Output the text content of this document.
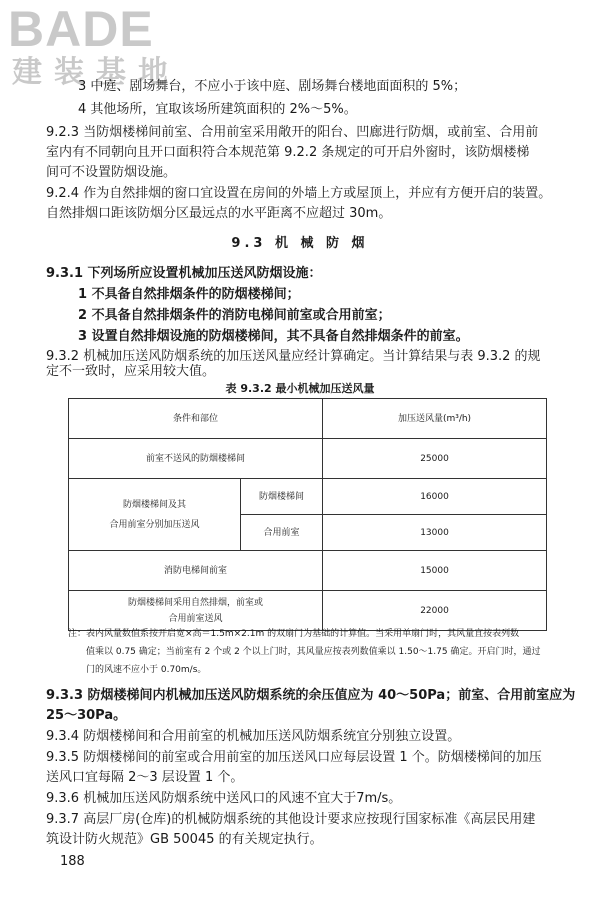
BADE
建装基地
3 中庭、剧场舞台，不应小于该中庭、剧场舞台楼地面面积的 5%；
4 其他场所，宜取该场所建筑面积的 2%～5%。
9.2.3 当防烟楼梯间前室、合用前室采用敞开的阳台、凹廊进行防烟，或前室、合用前
室内有不同朝向且开口面积符合本规范第 9.2.2 条规定的可开启外窗时，该防烟楼梯
间可不设置防烟设施。
9.2.4 作为自然排烟的窗口宜设置在房间的外墙上方或屋顶上，并应有方便开启的装置。
自然排烟口距该防烟分区最远点的水平距离不应超过 30m。
9.3 机 械 防 烟
9.3.1 下列场所应设置机械加压送风防烟设施：
1 不具备自然排烟条件的防烟楼梯间；
2 不具备自然排烟条件的消防电梯间前室或合用前室；
3 设置自然排烟设施的防烟楼梯间，其不具备自然排烟条件的前室。
9.3.2 机械加压送风防烟系统的加压送风量应经计算确定。当计算结果与表 9.3.2 的规
定不一致时，应采用较大值。
表 9.3.2 最小机械加压送风量
条件和部位		加压送风量(m³/h)
前室不送风的防烟楼梯间		25000

防烟楼梯间及其
合用前室分别加压送风	防烟楼梯间	16000
	合用前室	13000
消防电梯间前室		15000

防烟楼梯间采用自然排烟，前室或
合用前室送风		22000
注：表内风量数值系按开启宽×高＝1.5m×2.1m 的双扇门为基础的计算值。当采用单扇门时，其风量宜按表列数
值乘以 0.75 确定；当前室有 2 个或 2 个以上门时，其风量应按表列数值乘以 1.50～1.75 确定。开启门时，通过
门的风速不应小于 0.70m/s。
9.3.3 防烟楼梯间内机械加压送风防烟系统的余压值应为 40～50Pa；前室、合用前室应为
25～30Pa。
9.3.4 防烟楼梯间和合用前室的机械加压送风防烟系统宜分别独立设置。
9.3.5 防烟楼梯间的前室或合用前室的加压送风口应每层设置 1 个。防烟楼梯间的加压
送风口宜每隔 2～3 层设置 1 个。
9.3.6 机械加压送风防烟系统中送风口的风速不宜大于7m/s。
9.3.7 高层厂房(仓库)的机械防烟系统的其他设计要求应按现行国家标准《高层民用建
筑设计防火规范》GB 50045 的有关规定执行。
188
